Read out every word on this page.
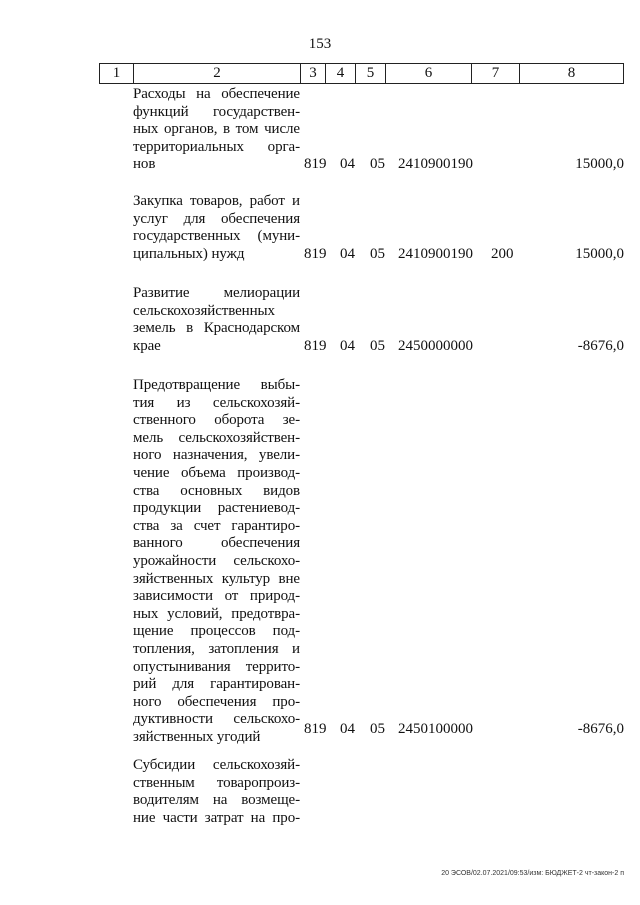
153
1	2	3	4	5	6	7	8
Расходы на обеспечение
функций государствен-
ных органов, в том числе
территориальных орга-
нов	819 04 05 2410900190	15000,0
Закупка товаров, работ и
услуг для обеспечения
государственных (муни-
ципальных) нужд	819 04 05 2410900190 200	15000,0
Развитие мелиорации
сельскохозяйственных
земель в Краснодарском
крае	819 04 05 2450000000	-8676,0
Предотвращение выбы-
тия из сельскохозяй-
ственного оборота зе-
мель сельскохозяйствен-
ного назначения, увели-
чение объема производ-
ства основных видов
продукции растениевод-
ства за счет гарантиро-
ванного обеспечения
урожайности сельскохо-
зяйственных культур вне
зависимости от природ-
ных условий, предотвра-
щение процессов под-
топления, затопления и
опустынивания террито-
рий для гарантирован-
ного обеспечения про-
дуктивности сельскохо-
зяйственных угодий	819 04 05 2450100000	-8676,0
Субсидии сельскохозяй-
ственным товаропроиз-
водителям на возмеще-
ние части затрат на про-
20 ЭСОВ/02.07.2021/09:53/изм: БЮДЖЕТ-2 чт-закон-2 п
